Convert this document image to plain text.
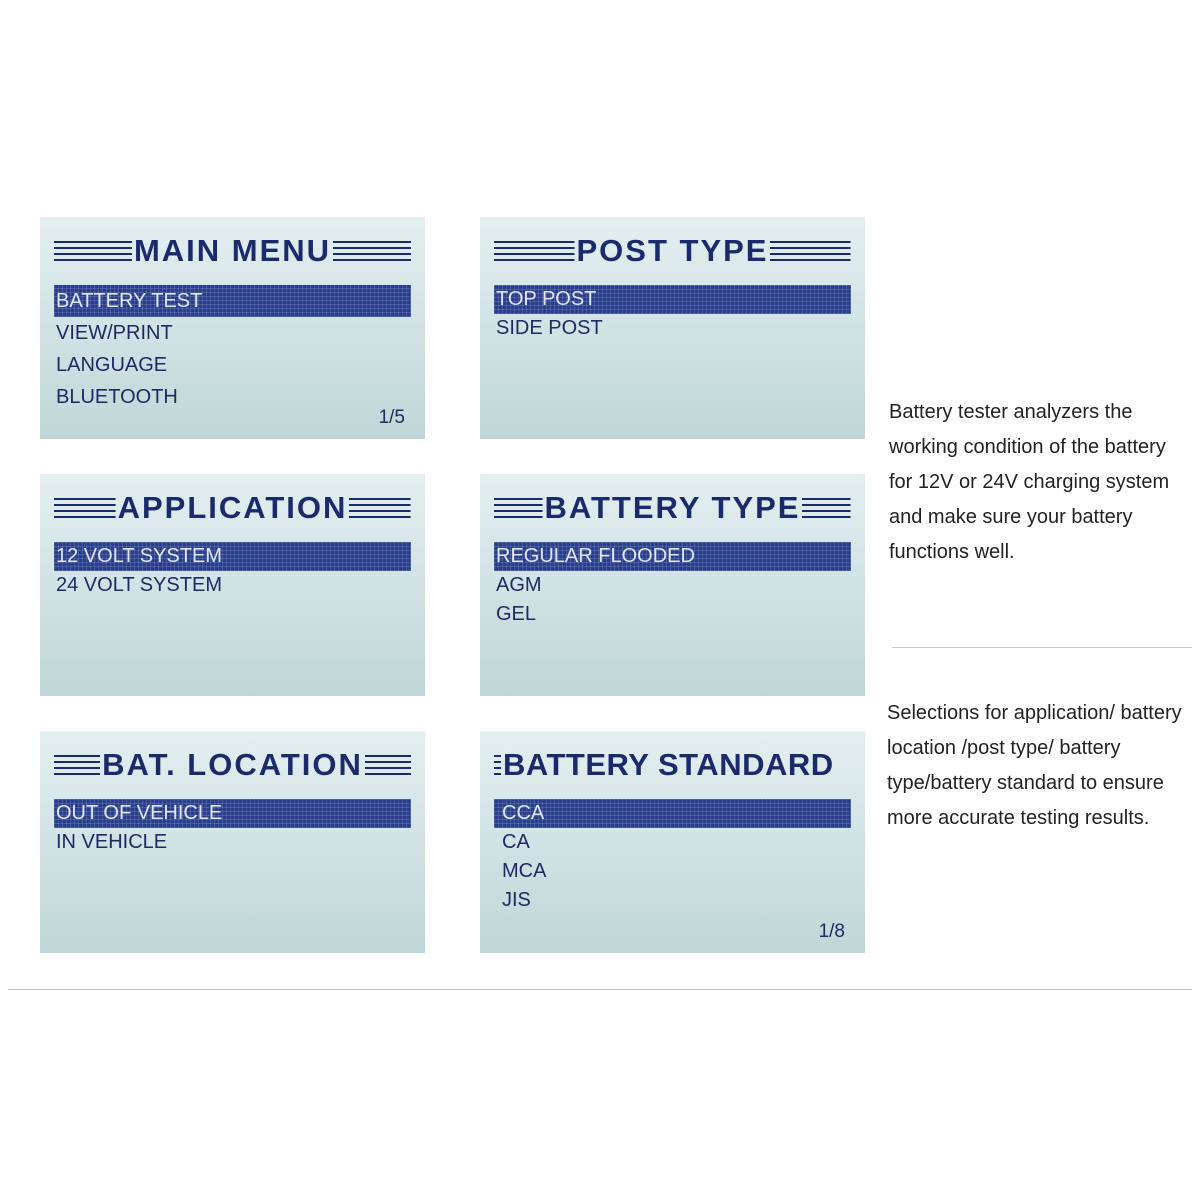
MAIN MENU
BATTERY TEST
VIEW/PRINT
LANGUAGE
BLUETOOTH
1/5
POST TYPE
TOP POST
SIDE POST
APPLICATION
12 VOLT SYSTEM
24 VOLT SYSTEM
BATTERY TYPE
REGULAR FLOODED
AGM
GEL
BAT. LOCATION
OUT OF VEHICLE
IN VEHICLE
BATTERY STANDARD
CCA
CA
MCA
JIS
1/8
Battery tester analyzers the working condition of the battery for 12V or 24V charging system and make sure your battery functions well.
Selections for application/ battery location /post type/ battery type/battery standard to ensure more accurate testing results.
